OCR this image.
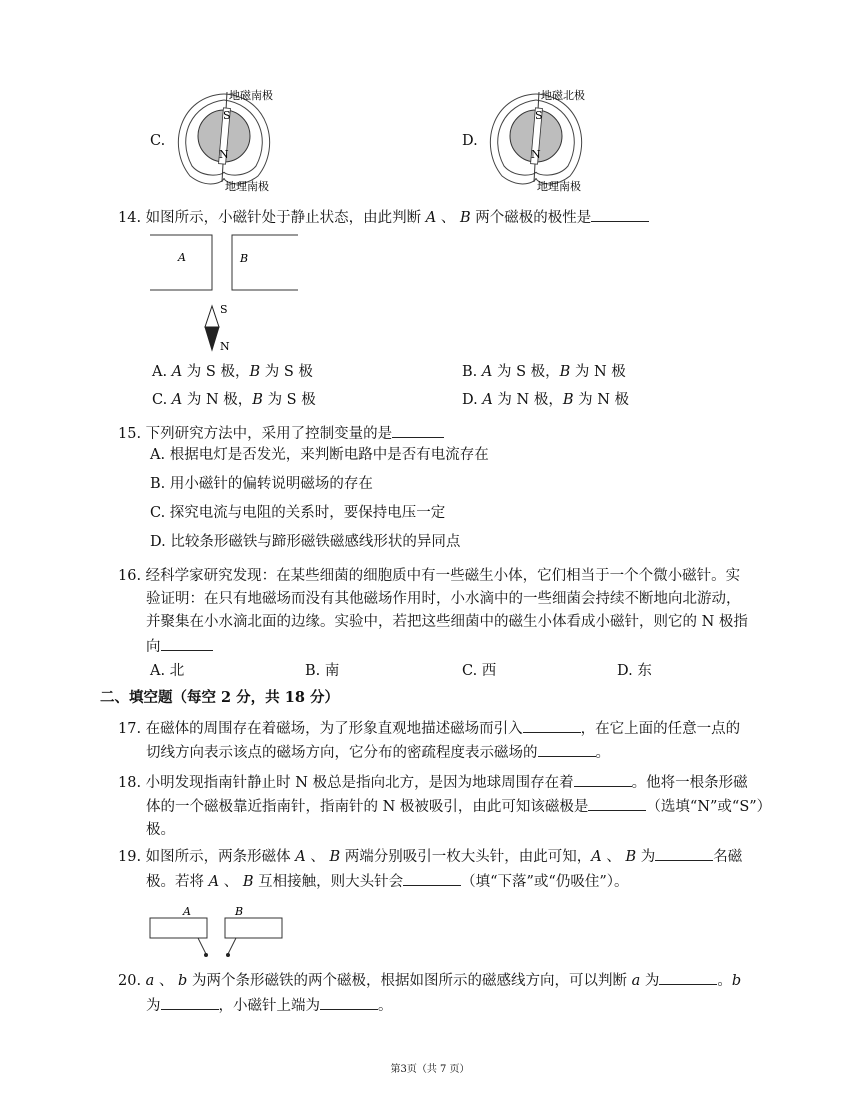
C.
地磁南极
地理南极
S
N
D.
地磁北极
地理南极
S
N
14. 如图所示，小磁针处于静止状态，由此判断 A 、 B 两个磁极的极性是
A	B
S
N
A. A 为 S 极，B 为 S 极	B. A 为 S 极，B 为 N 极
C. A 为 N 极，B 为 S 极	D. A 为 N 极，B 为 N 极
15. 下列研究方法中，采用了控制变量的是
A. 根据电灯是否发光，来判断电路中是否有电流存在
B. 用小磁针的偏转说明磁场的存在
C. 探究电流与电阻的关系时，要保持电压一定
D. 比较条形磁铁与蹄形磁铁磁感线形状的异同点
16. 经科学家研究发现：在某些细菌的细胞质中有一些磁生小体，它们相当于一个个微小磁针。实
验证明：在只有地磁场而没有其他磁场作用时，小水滴中的一些细菌会持续不断地向北游动，
并聚集在小水滴北面的边缘。实验中，若把这些细菌中的磁生小体看成小磁针，则它的 N 极指
向
A. 北	B. 南	C. 西	D. 东
二、填空题（每空 2 分，共 18 分）
17. 在磁体的周围存在着磁场，为了形象直观地描述磁场而引入	，在它上面的任意一点的
切线方向表示该点的磁场方向，它分布的密疏程度表示磁场的	。
18. 小明发现指南针静止时 N 极总是指向北方，是因为地球周围存在着	。他将一根条形磁
体的一个磁极靠近指南针，指南针的 N 极被吸引，由此可知该磁极是	（选填“N”或“S”）
极。
19. 如图所示，两条形磁体 A 、 B 两端分别吸引一枚大头针，由此可知，A 、 B 为	名磁
极。若将 A 、 B 互相接触，则大头针会	（填“下落”或“仍吸住”）。
A	B
20. a 、 b 为两个条形磁铁的两个磁极，根据如图所示的磁感线方向，可以判断 a 为	。b
为	，小磁针上端为	。
第3页（共 7 页）
